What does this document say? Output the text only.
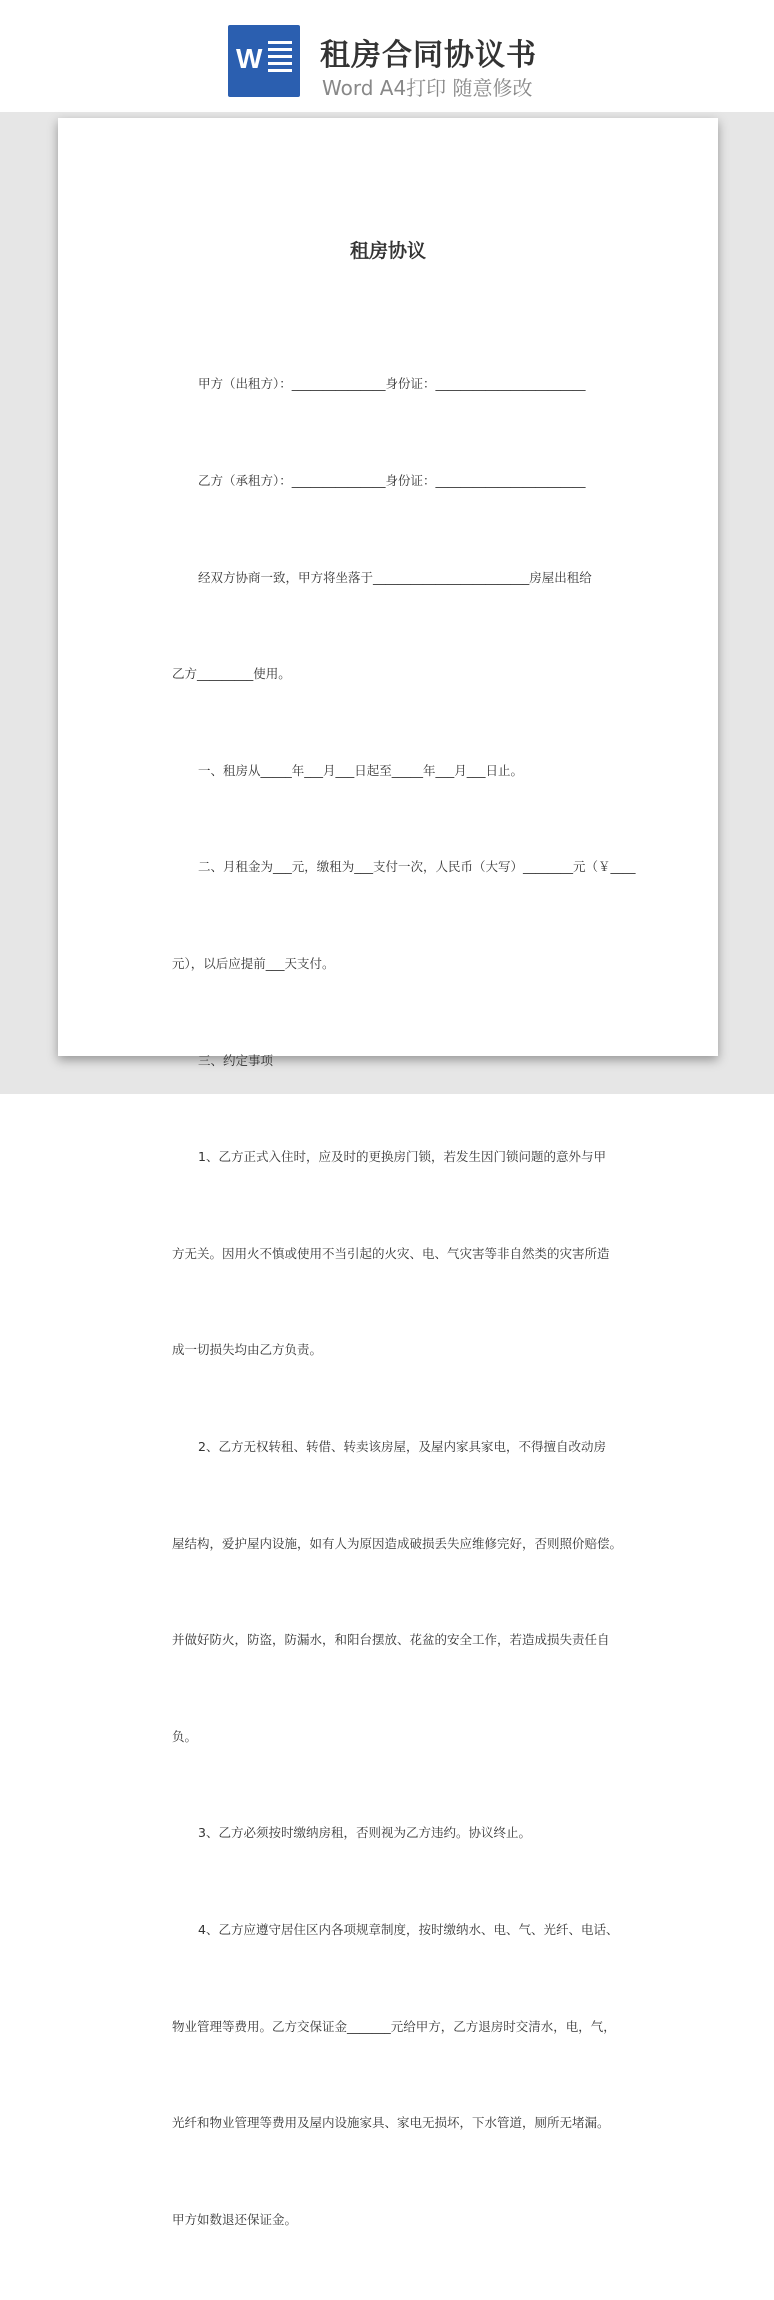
W 租房合同协议书
Word A4打印 随意修改
租房协议

甲方（出租方）：_______________身份证：________________________

乙方（承租方）：_______________身份证：________________________

经双方协商一致，甲方将坐落于_________________________房屋出租给

乙方_________使用。

一、租房从_____年___月___日起至_____年___月___日止。

二、月租金为___元，缴租为___支付一次，人民币（大写）________元（￥____

元），以后应提前___天支付。

三、约定事项

1、乙方正式入住时，应及时的更换房门锁，若发生因门锁问题的意外与甲

方无关。因用火不慎或使用不当引起的火灾、电、气灾害等非自然类的灾害所造

成一切损失均由乙方负责。

2、乙方无权转租、转借、转卖该房屋，及屋内家具家电，不得擅自改动房

屋结构，爱护屋内设施，如有人为原因造成破损丢失应维修完好，否则照价赔偿。

并做好防火，防盗，防漏水，和阳台摆放、花盆的安全工作，若造成损失责任自

负。

3、乙方必须按时缴纳房租，否则视为乙方违约。协议终止。

4、乙方应遵守居住区内各项规章制度，按时缴纳水、电、气、光纤、电话、

物业管理等费用。乙方交保证金_______元给甲方，乙方退房时交清水，电，气，

光纤和物业管理等费用及屋内设施家具、家电无损坏，下水管道，厕所无堵漏。

甲方如数退还保证金。
